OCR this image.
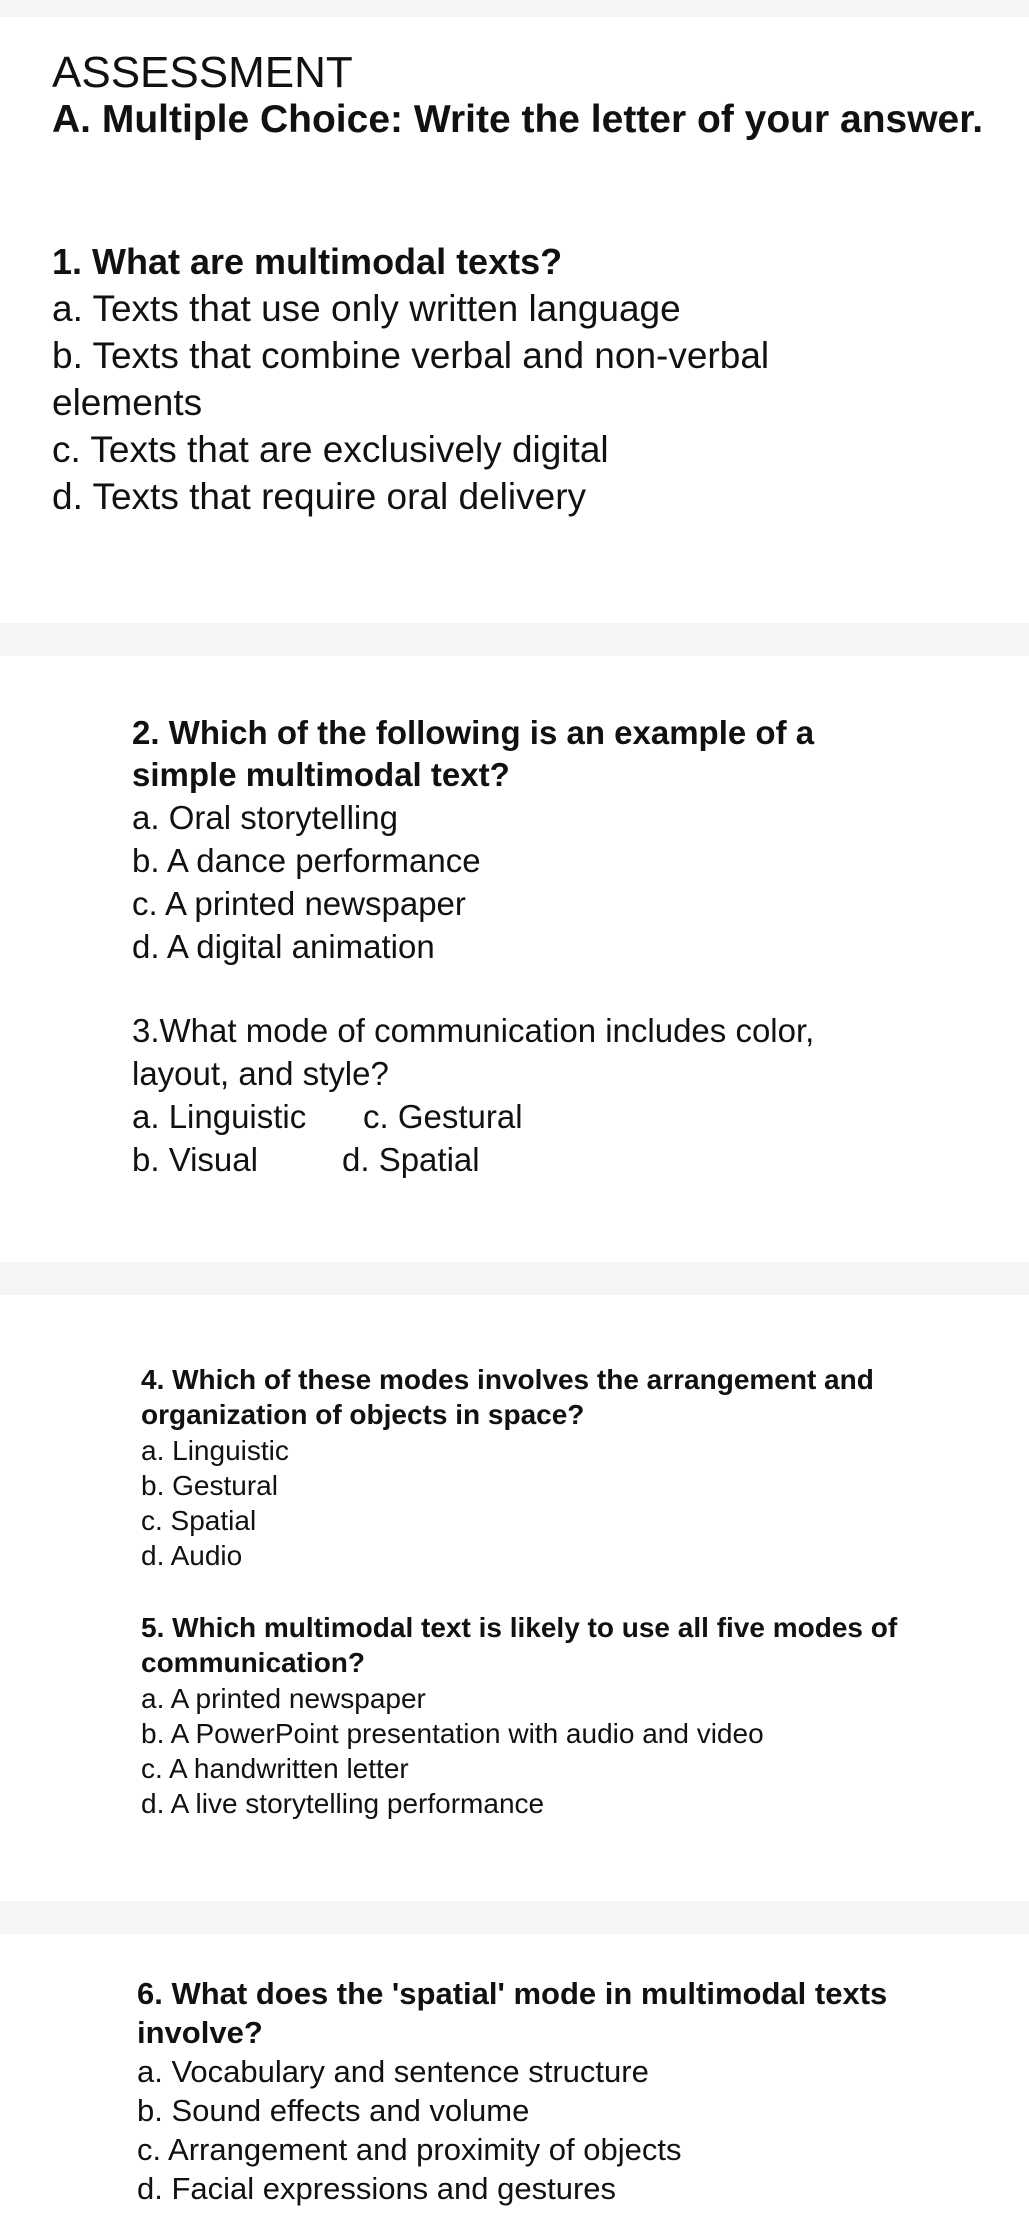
ASSESSMENT
A. Multiple Choice: Write the letter of your answer.
1. What are multimodal texts?
a. Texts that use only written language
b. Texts that combine verbal and non-verbal
elements
c. Texts that are exclusively digital
d. Texts that require oral delivery
2. Which of the following is an example of a
simple multimodal text?
a. Oral storytelling
b. A dance performance
c. A printed newspaper
d. A digital animation
3.What mode of communication includes color,
layout, and style?
a. Linguistic c. Gestural
b. Visual	d. Spatial
4. Which of these modes involves the arrangement and
organization of objects in space?
a. Linguistic
b. Gestural
c. Spatial
d. Audio
5. Which multimodal text is likely to use all five modes of
communication?
a. A printed newspaper
b. A PowerPoint presentation with audio and video
c. A handwritten letter
d. A live storytelling performance
6. What does the 'spatial' mode in multimodal texts
involve?
a. Vocabulary and sentence structure
b. Sound effects and volume
c. Arrangement and proximity of objects
d. Facial expressions and gestures
